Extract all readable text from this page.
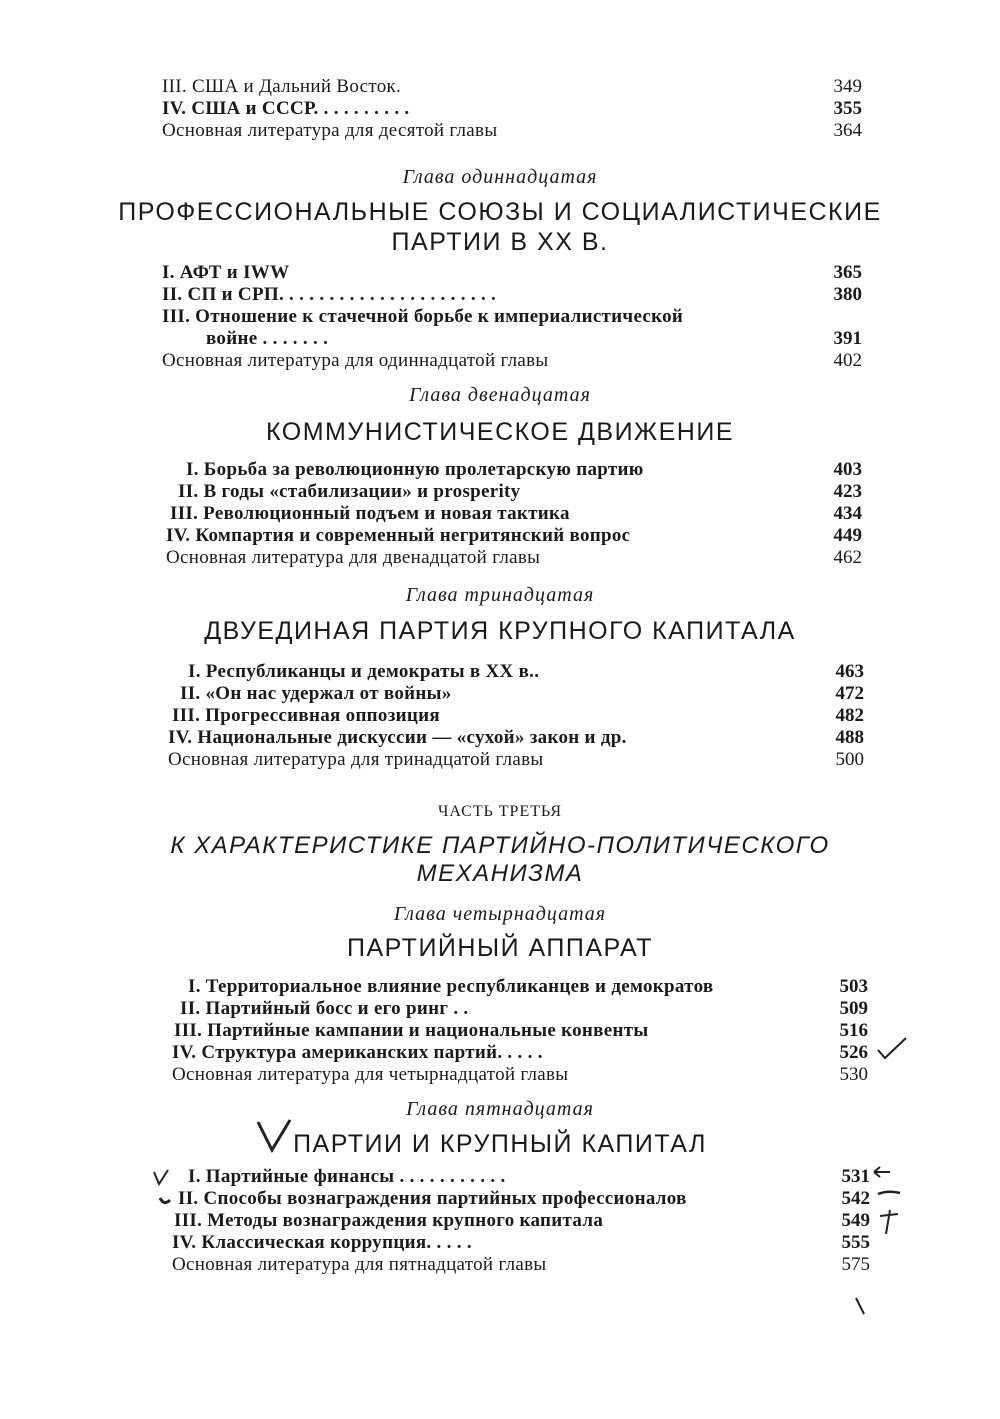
III. США и Дальний Восток.	349
IV. США и СССР. . . . . . . . . .	355
Основная литература для десятой главы	364
Глава одиннадцатая
ПРОФЕССИОНАЛЬНЫЕ СОЮЗЫ И СОЦИАЛИСТИЧЕСКИЕ
ПАРТИИ В XX В.
I. АФТ и IWW	365
II. СП и СРП. . . . . . . . . . . . . . . . . . . . . .	380
III. Отношение к стачечной борьбе к империалистической
войне . . . . . . .	391
Основная литература для одиннадцатой главы	402
Глава двенадцатая
КОММУНИСТИЧЕСКОЕ ДВИЖЕНИЕ
I. Борьба за революционную пролетарскую партию	403
II. В годы «стабилизации» и prosperity	423
III. Революционный подъем и новая тактика	434
IV. Компартия и современный негритянский вопрос	449
Основная литература для двенадцатой главы	462
Глава тринадцатая
ДВУЕДИНАЯ ПАРТИЯ КРУПНОГО КАПИТАЛА
I. Республиканцы и демократы в XX в..	463
II. «Он нас удержал от войны»	472
III. Прогрессивная оппозиция	482
IV. Национальные дискуссии — «сухой» закон и др.	488
Основная литература для тринадцатой главы	500
ЧАСТЬ ТРЕТЬЯ
К ХАРАКТЕРИСТИКЕ ПАРТИЙНО-ПОЛИТИЧЕСКОГО
МЕХАНИЗМА
Глава четырнадцатая
ПАРТИЙНЫЙ АППАРАТ
I. Территориальное влияние республиканцев и демократов	503
II. Партийный босс и его ринг . .	509
III. Партийные кампании и национальные конвенты	516
IV. Структура американских партий. . . . .	526
Основная литература для четырнадцатой главы	530
Глава пятнадцатая
ПАРТИИ И КРУПНЫЙ КАПИТАЛ
I. Партийные финансы . . . . . . . . . . .	531
II. Способы вознаграждения партийных профессионалов	542
III. Методы вознаграждения крупного капитала	549
IV. Классическая коррупция. . . . .	555
Основная литература для пятнадцатой главы	575
